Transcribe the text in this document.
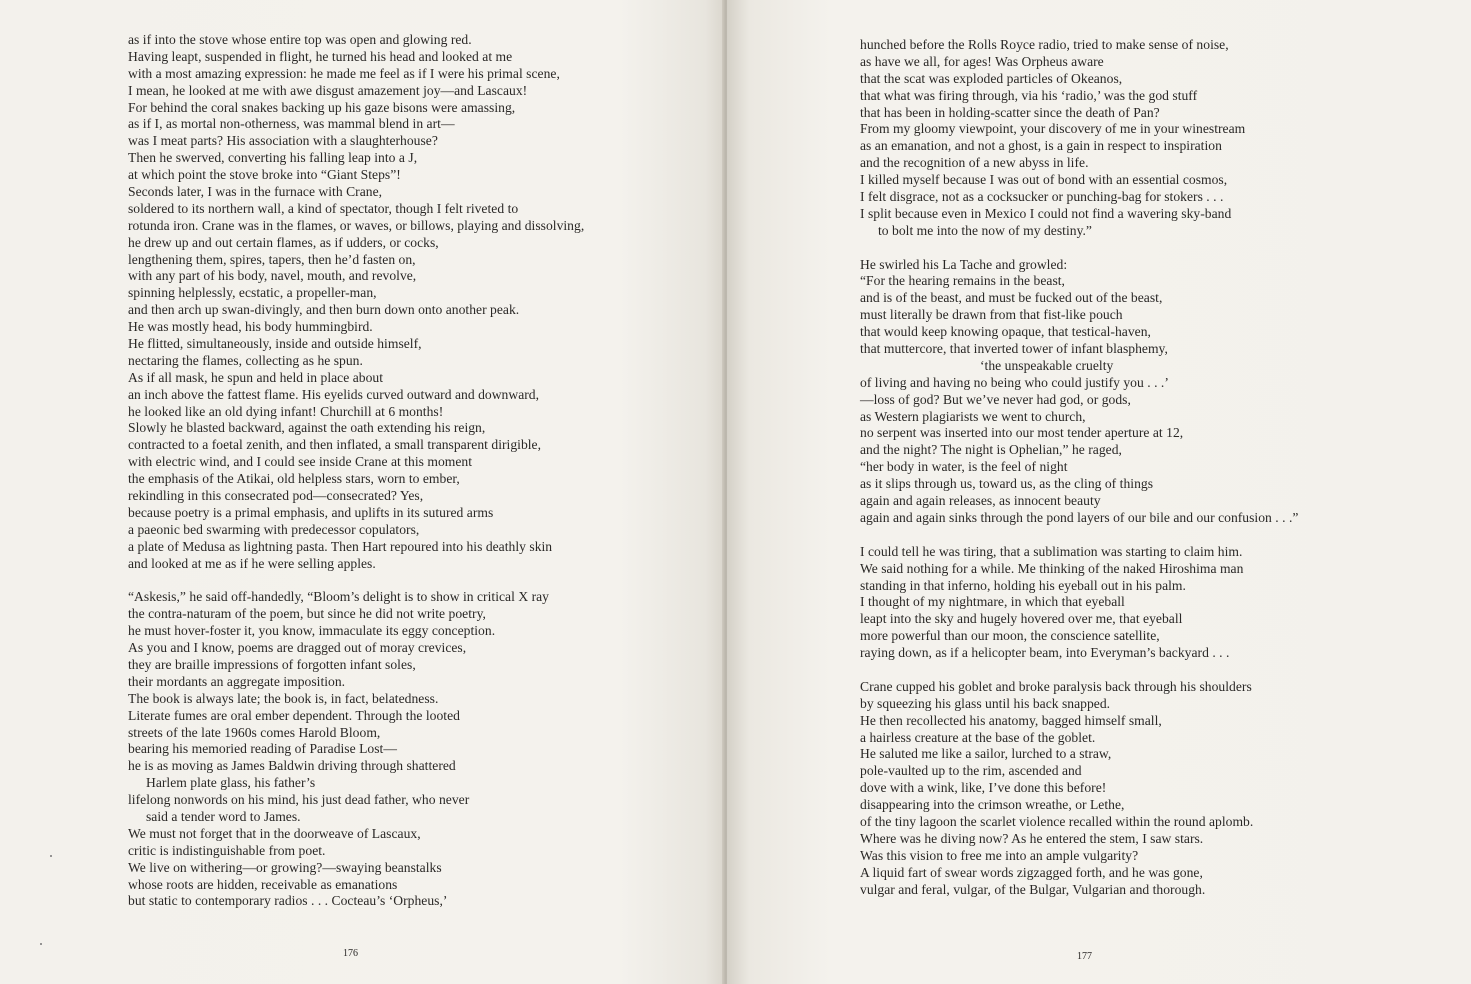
as if into the stove whose entire top was open and glowing red.
Having leapt, suspended in flight, he turned his head and looked at me
with a most amazing expression: he made me feel as if I were his primal scene,
I mean, he looked at me with awe disgust amazement joy—and Lascaux!
For behind the coral snakes backing up his gaze bisons were amassing,
as if I, as mortal non-otherness, was mammal blend in art—
was I meat parts? His association with a slaughterhouse?
Then he swerved, converting his falling leap into a J,
at which point the stove broke into “Giant Steps”!
Seconds later, I was in the furnace with Crane,
soldered to its northern wall, a kind of spectator, though I felt riveted to
rotunda iron. Crane was in the flames, or waves, or billows, playing and dissolving,
he drew up and out certain flames, as if udders, or cocks,
lengthening them, spires, tapers, then he’d fasten on,
with any part of his body, navel, mouth, and revolve,
spinning helplessly, ecstatic, a propeller-man,
and then arch up swan-divingly, and then burn down onto another peak.
He was mostly head, his body hummingbird.
He flitted, simultaneously, inside and outside himself,
nectaring the flames, collecting as he spun.
As if all mask, he spun and held in place about
an inch above the fattest flame. His eyelids curved outward and downward,
he looked like an old dying infant! Churchill at 6 months!
Slowly he blasted backward, against the oath extending his reign,
contracted to a foetal zenith, and then inflated, a small transparent dirigible,
with electric wind, and I could see inside Crane at this moment
the emphasis of the Atikai, old helpless stars, worn to ember,
rekindling in this consecrated pod—consecrated? Yes,
because poetry is a primal emphasis, and uplifts in its sutured arms
a paeonic bed swarming with predecessor copulators,
a plate of Medusa as lightning pasta. Then Hart repoured into his deathly skin
and looked at me as if he were selling apples.
“Askesis,” he said off-handedly, “Bloom’s delight is to show in critical X ray
the contra-naturam of the poem, but since he did not write poetry,
he must hover-foster it, you know, immaculate its eggy conception.
As you and I know, poems are dragged out of moray crevices,
they are braille impressions of forgotten infant soles,
their mordants an aggregate imposition.
The book is always late; the book is, in fact, belatedness.
Literate fumes are oral ember dependent. Through the looted
streets of the late 1960s comes Harold Bloom,
bearing his memoried reading of Paradise Lost—
he is as moving as James Baldwin driving through shattered
Harlem plate glass, his father’s
lifelong nonwords on his mind, his just dead father, who never
said a tender word to James.
We must not forget that in the doorweave of Lascaux,
critic is indistinguishable from poet.
We live on withering—or growing?—swaying beanstalks
whose roots are hidden, receivable as emanations
but static to contemporary radios . . . Cocteau’s ‘Orpheus,’
176
hunched before the Rolls Royce radio, tried to make sense of noise,
as have we all, for ages! Was Orpheus aware
that the scat was exploded particles of Okeanos,
that what was firing through, via his ‘radio,’ was the god stuff
that has been in holding-scatter since the death of Pan?
From my gloomy viewpoint, your discovery of me in your winestream
as an emanation, and not a ghost, is a gain in respect to inspiration
and the recognition of a new abyss in life.
I killed myself because I was out of bond with an essential cosmos,
I felt disgrace, not as a cocksucker or punching-bag for stokers . . .
I split because even in Mexico I could not find a wavering sky-band
to bolt me into the now of my destiny.”
He swirled his La Tache and growled:
“For the hearing remains in the beast,
and is of the beast, and must be fucked out of the beast,
must literally be drawn from that fist-like pouch
that would keep knowing opaque, that testical-haven,
that muttercore, that inverted tower of infant blasphemy,
‘the unspeakable cruelty
of living and having no being who could justify you . . .’
—loss of god? But we’ve never had god, or gods,
as Western plagiarists we went to church,
no serpent was inserted into our most tender aperture at 12,
and the night? The night is Ophelian,” he raged,
“her body in water, is the feel of night
as it slips through us, toward us, as the cling of things
again and again releases, as innocent beauty
again and again sinks through the pond layers of our bile and our confusion . . .”
I could tell he was tiring, that a sublimation was starting to claim him.
We said nothing for a while. Me thinking of the naked Hiroshima man
standing in that inferno, holding his eyeball out in his palm.
I thought of my nightmare, in which that eyeball
leapt into the sky and hugely hovered over me, that eyeball
more powerful than our moon, the conscience satellite,
raying down, as if a helicopter beam, into Everyman’s backyard . . .
Crane cupped his goblet and broke paralysis back through his shoulders
by squeezing his glass until his back snapped.
He then recollected his anatomy, bagged himself small,
a hairless creature at the base of the goblet.
He saluted me like a sailor, lurched to a straw,
pole-vaulted up to the rim, ascended and
dove with a wink, like, I’ve done this before!
disappearing into the crimson wreathe, or Lethe,
of the tiny lagoon the scarlet violence recalled within the round aplomb.
Where was he diving now? As he entered the stem, I saw stars.
Was this vision to free me into an ample vulgarity?
A liquid fart of swear words zigzagged forth, and he was gone,
vulgar and feral, vulgar, of the Bulgar, Vulgarian and thorough.
177
